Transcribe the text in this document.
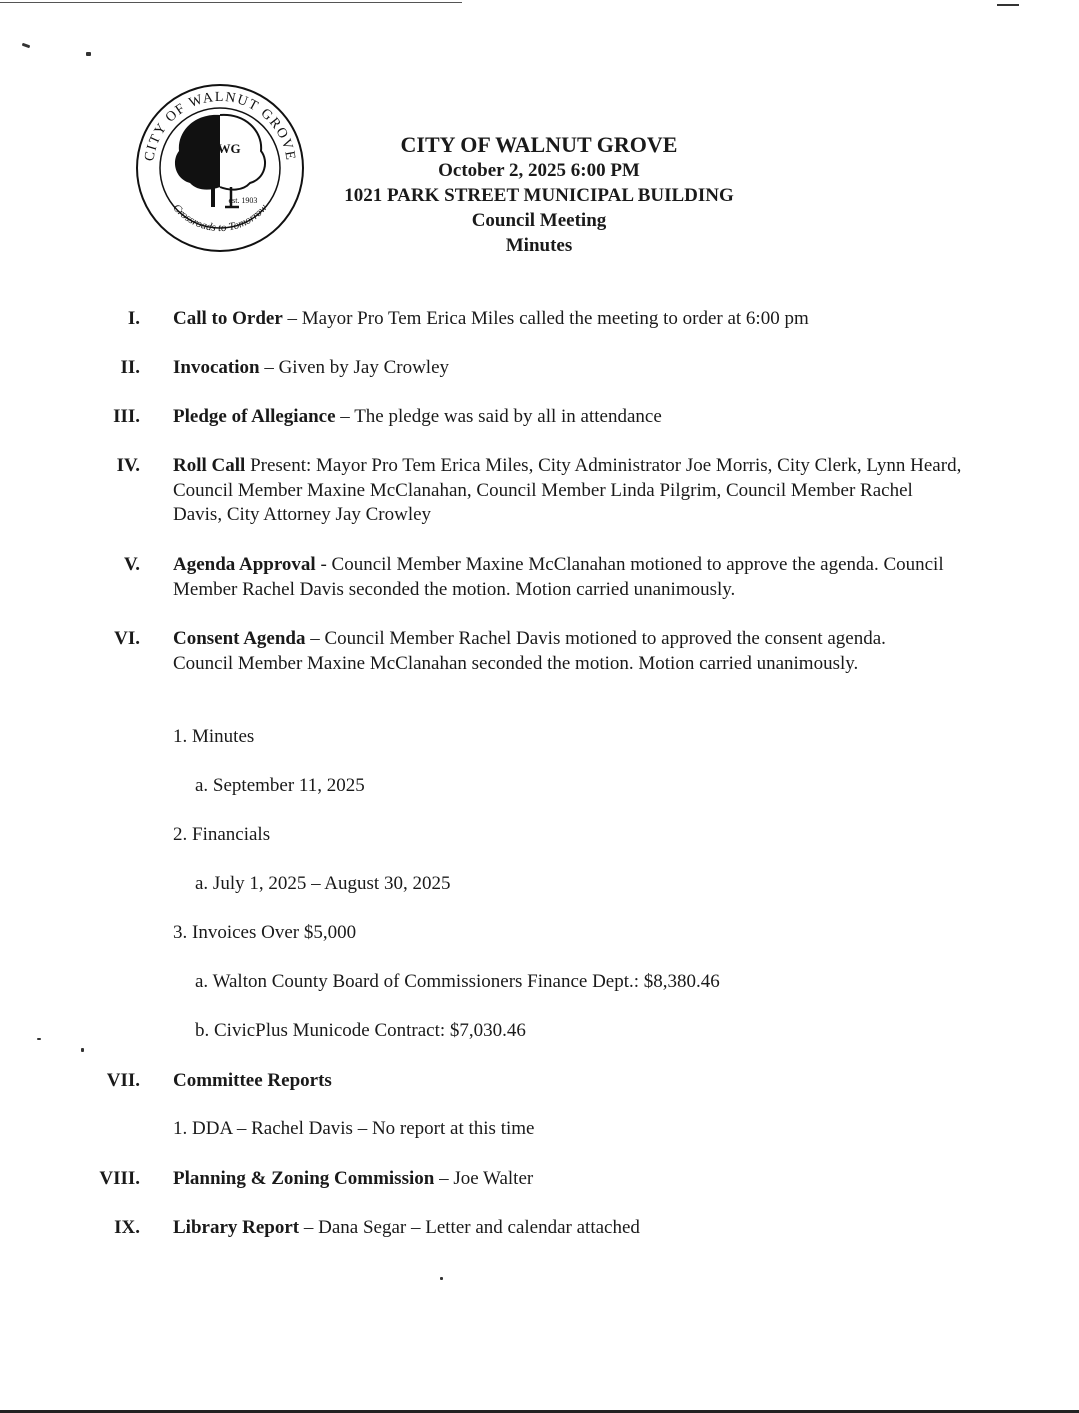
CITY OF WALNUT GROVE
Crossroads to Tomorrow
WG
est. 1903
CITY OF WALNUT GROVE
October 2, 2025 6:00 PM
1021 PARK STREET MUNICIPAL BUILDING
Council Meeting
Minutes
I. Call to Order – Mayor Pro Tem Erica Miles called the meeting to order at 6:00 pm
II. Invocation – Given by Jay Crowley
III. Pledge of Allegiance – The pledge was said by all in attendance
IV. Roll Call Present: Mayor Pro Tem Erica Miles, City Administrator Joe Morris, City Clerk, Lynn Heard, Council Member Maxine McClanahan, Council Member Linda Pilgrim, Council Member Rachel Davis, City Attorney Jay Crowley
V. Agenda Approval - Council Member Maxine McClanahan motioned to approve the agenda. Council Member Rachel Davis seconded the motion. Motion carried unanimously.
VI. Consent Agenda – Council Member Rachel Davis motioned to approved the consent agenda. Council Member Maxine McClanahan seconded the motion. Motion carried unanimously.
1. Minutes
a. September 11, 2025
2. Financials
a. July 1, 2025 – August 30, 2025
3. Invoices Over $5,000
a. Walton County Board of Commissioners Finance Dept.: $8,380.46
b. CivicPlus Municode Contract: $7,030.46
VII. Committee Reports
1. DDA – Rachel Davis – No report at this time
VIII. Planning & Zoning Commission – Joe Walter
IX. Library Report – Dana Segar – Letter and calendar attached
